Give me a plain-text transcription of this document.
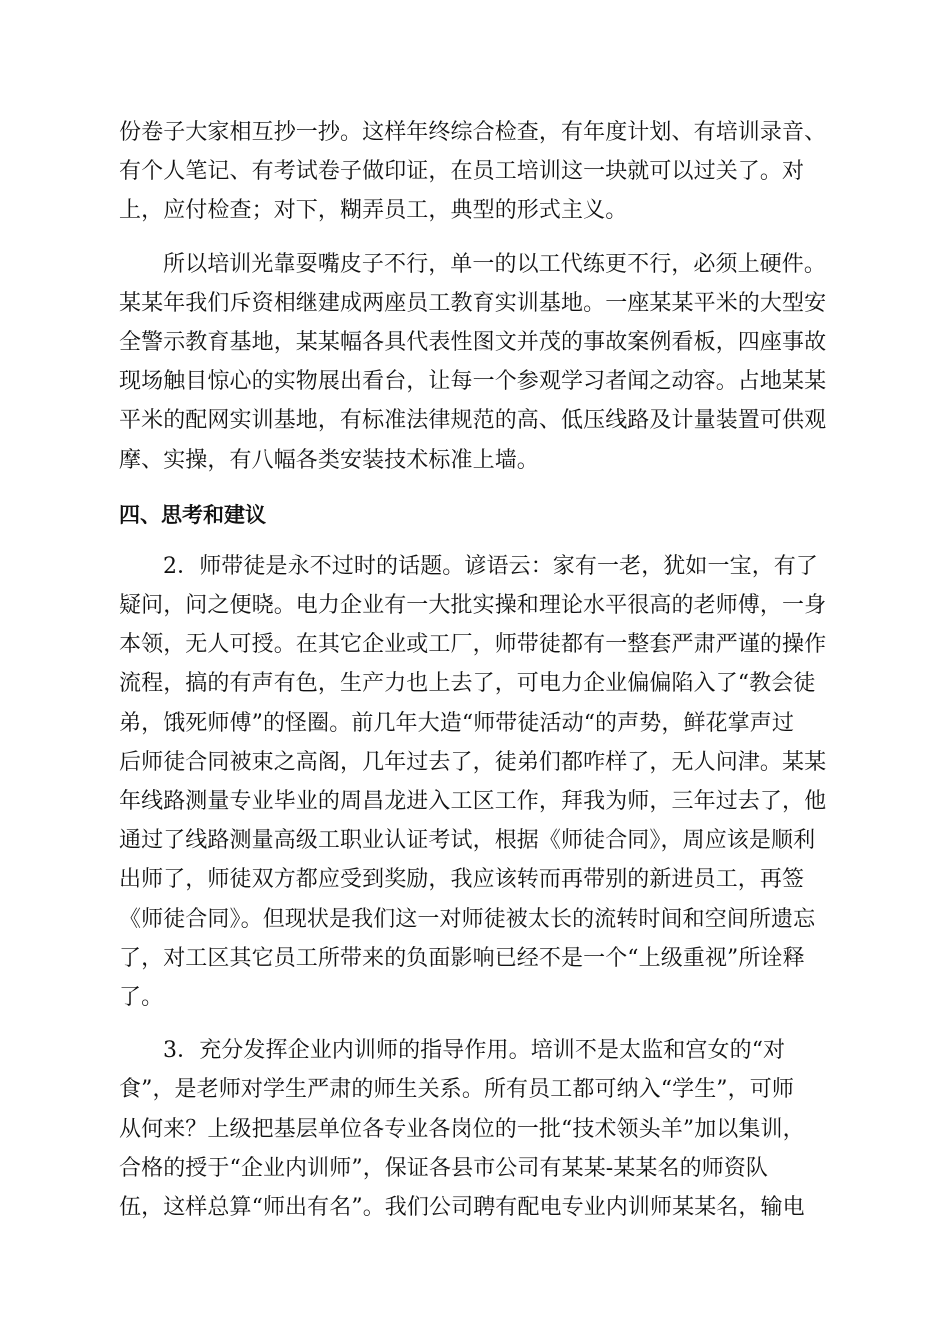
份卷子大家相互抄一抄。这样年终综合检查，有年度计划、有培训录音、
有个人笔记、有考试卷子做印证，在员工培训这一块就可以过关了。对
上，应付检查；对下，糊弄员工，典型的形式主义。
所以培训光靠耍嘴皮子不行，单一的以工代练更不行，必须上硬件。
某某年我们斥资相继建成两座员工教育实训基地。一座某某平米的大型安
全警示教育基地，某某幅各具代表性图文并茂的事故案例看板，四座事故
现场触目惊心的实物展出看台，让每一个参观学习者闻之动容。占地某某
平米的配网实训基地，有标准法律规范的高、低压线路及计量装置可供观
摩、实操，有八幅各类安装技术标准上墙。
四、思考和建议
2．师带徒是永不过时的话题。谚语云：家有一老，犹如一宝，有了
疑问，问之便晓。电力企业有一大批实操和理论水平很高的老师傅，一身
本领，无人可授。在其它企业或工厂，师带徒都有一整套严肃严谨的操作
流程，搞的有声有色，生产力也上去了，可电力企业偏偏陷入了“教会徒
弟，饿死师傅”的怪圈。前几年大造“师带徒活动“的声势，鲜花掌声过
后师徒合同被束之高阁，几年过去了，徒弟们都咋样了，无人问津。某某
年线路测量专业毕业的周昌龙进入工区工作，拜我为师，三年过去了，他
通过了线路测量高级工职业认证考试，根据《师徒合同》，周应该是顺利
出师了，师徒双方都应受到奖励，我应该转而再带别的新进员工，再签
《师徒合同》。但现状是我们这一对师徒被太长的流转时间和空间所遗忘
了，对工区其它员工所带来的负面影响已经不是一个“上级重视”所诠释
了。
3．充分发挥企业内训师的指导作用。培训不是太监和宫女的“对
食”，是老师对学生严肃的师生关系。所有员工都可纳入“学生”，可师
从何来？上级把基层单位各专业各岗位的一批“技术领头羊”加以集训，
合格的授于“企业内训师”，保证各县市公司有某某-某某名的师资队
伍，这样总算“师出有名”。我们公司聘有配电专业内训师某某名，输电
